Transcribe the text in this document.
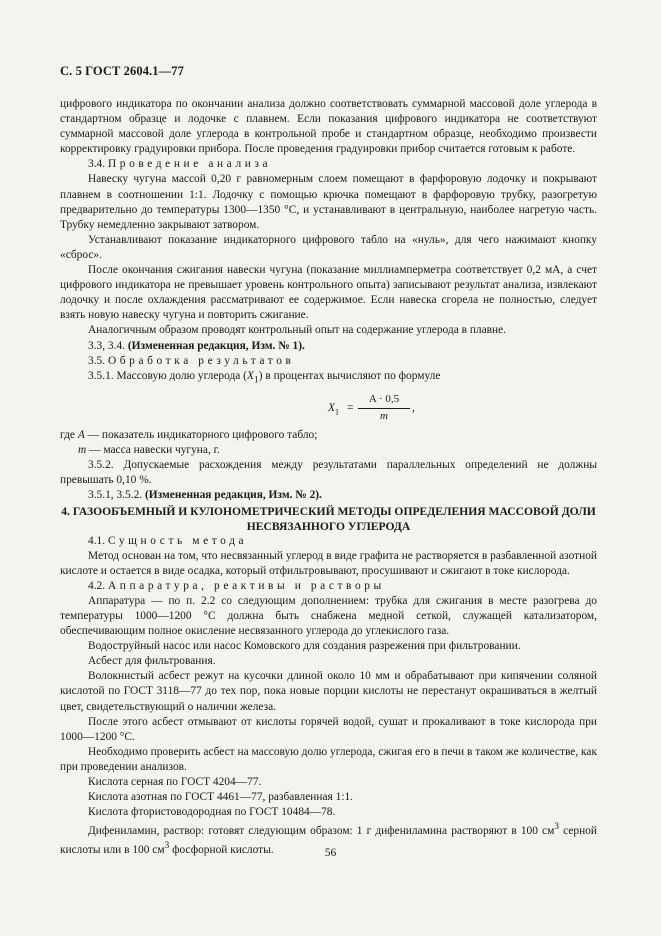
С. 5 ГОСТ 2604.1—77

цифрового индикатора по окончании анализа должно соответствовать суммарной массовой доле углерода в стандартном образце и лодочке с плавнем. Если показания цифрового индикатора не соответствуют суммарной массовой доле углерода в контрольной пробе и стандартном образце, необходимо произвести корректировку градуировки прибора. После проведения градуировки прибор считается готовым к работе.

3.4. Проведение анализа

Навеску чугуна массой 0,20 г равномерным слоем помещают в фарфоровую лодочку и покрывают плавнем в соотношении 1:1. Лодочку с помощью крючка помещают в фарфоровую трубку, разогретую предварительно до температуры 1300—1350 °С, и устанавливают в центральную, наиболее нагретую часть. Трубку немедленно закрывают затвором.

Устанавливают показание индикаторного цифрового табло на «нуль», для чего нажимают кнопку «сброс».

После окончания сжигания навески чугуна (показание миллиамперметра соответствует 0,2 мА, а счет цифрового индикатора не превышает уровень контрольного опыта) записывают результат анализа, извлекают лодочку и после охлаждения рассматривают ее содержимое. Если навеска сгорела не полностью, следует взять новую навеску чугуна и повторить сжигание.

Аналогичным образом проводят контрольный опыт на содержание углерода в плавне.

3.3, 3.4. (Измененная редакция, Изм. № 1).

3.5. Обработка результатов

3.5.1. Массовую долю углерода $(X_1)$ в процентах вычисляют по формуле

$X_1 = \frac{A \cdot 0,5}{m}$ ,

где А — показатель индикаторного цифрового табло;

m — масса навески чугуна, г.

3.5.2. Допускаемые расхождения между результатами параллельных определений не должны превышать 0,10 %.

3.5.1, 3.5.2. (Измененная редакция, Изм. № 2).

4. ГАЗООБЪЕМНЫЙ И КУЛОНОМЕТРИЧЕСКИЙ МЕТОДЫ ОПРЕДЕЛЕНИЯ МАССОВОЙ ДОЛИ НЕСВЯЗАННОГО УГЛЕРОДА

4.1. Сущность метода

Метод основан на том, что несвязанный углерод в виде графита не растворяется в разбавленной азотной кислоте и остается в виде осадка, который отфильтровывают, просушивают и сжигают в токе кислорода.

4.2. Аппаратура, реактивы и растворы

Аппаратура — по п. 2.2 со следующим дополнением: трубка для сжигания в месте разогрева до температуры 1000—1200 °С должна быть снабжена медной сеткой, служащей катализатором, обеспечивающим полное окисление несвязанного углерода до углекислого газа.

Водоструйный насос или насос Комовского для создания разрежения при фильтровании.

Асбест для фильтрования.

Волокнистый асбест режут на кусочки длиной около 10 мм и обрабатывают при кипячении соляной кислотой по ГОСТ 3118—77 до тех пор, пока новые порции кислоты не перестанут окрашиваться в желтый цвет, свидетельствующий о наличии железа.

После этого асбест отмывают от кислоты горячей водой, сушат и прокаливают в токе кислорода при 1000—1200 °С.

Необходимо проверить асбест на массовую долю углерода, сжигая его в печи в таком же количестве, как при проведении анализов.

Кислота серная по ГОСТ 4204—77.

Кислота азотная по ГОСТ 4461—77, разбавленная 1:1.

Кислота фтористоводородная по ГОСТ 10484—78.

Дифениламин, раствор: готовят следующим образом: 1 г дифениламина растворяют в 100 $см^3$ серной кислоты или в 100 $см^3$ фосфорной кислоты.	56
